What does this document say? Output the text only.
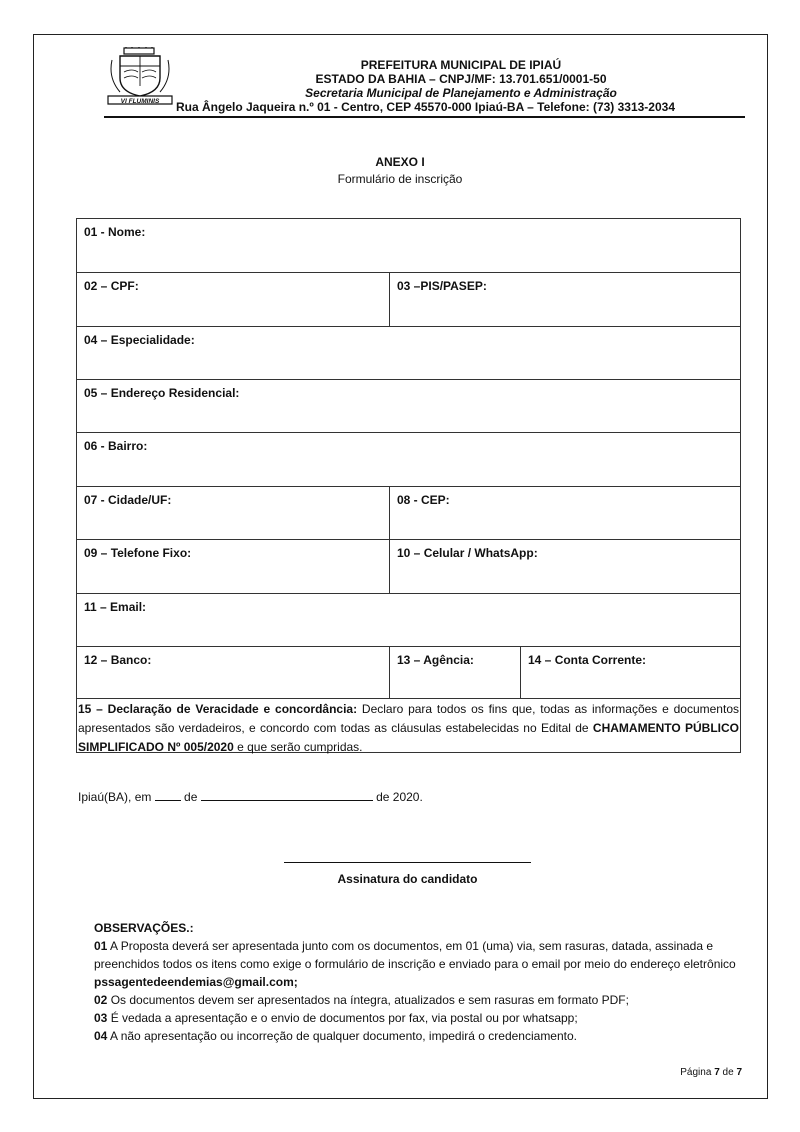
VI FLUMINIS
PREFEITURA MUNICIPAL DE IPIAÚ
ESTADO DA BAHIA – CNPJ/MF: 13.701.651/0001-50
Secretaria Municipal de Planejamento e Administração
Rua Ângelo Jaqueira n.º 01 - Centro, CEP 45570-000 Ipiaú-BA – Telefone: (73) 3313-2034
ANEXO I
Formulário de inscrição
01 - Nome:
02 – CPF:	03 –PIS/PASEP:
04 – Especialidade:
05 – Endereço Residencial:
06 - Bairro:
07 - Cidade/UF:	08 - CEP:
09 – Telefone Fixo:	10 – Celular / WhatsApp:
11 – Email:
12 – Banco:	13 – Agência:	14 – Conta Corrente:
15 – Declaração de Veracidade e concordância: Declaro para todos os fins que, todas as informações e documentos apresentados são verdadeiros, e concordo com todas as cláusulas estabelecidas no Edital de CHAMAMENTO PÚBLICO SIMPLIFICADO Nº 005/2020 e que serão cumpridas.
Ipiaú(BA), em	de	de 2020.
Assinatura do candidato

OBSERVAÇÕES.:

01 A Proposta deverá ser apresentada junto com os documentos, em 01 (uma) via, sem rasuras, datada, assinada e preenchidos todos os itens como exige o formulário de inscrição e enviado para o email por meio do endereço eletrônico pssagentedeendemias@gmail.com;

02 Os documentos devem ser apresentados na íntegra, atualizados e sem rasuras em formato PDF;

03 É vedada a apresentação e o envio de documentos por fax, via postal ou por whatsapp;

04 A não apresentação ou incorreção de qualquer documento, impedirá o credenciamento.

Página 7 de 7
